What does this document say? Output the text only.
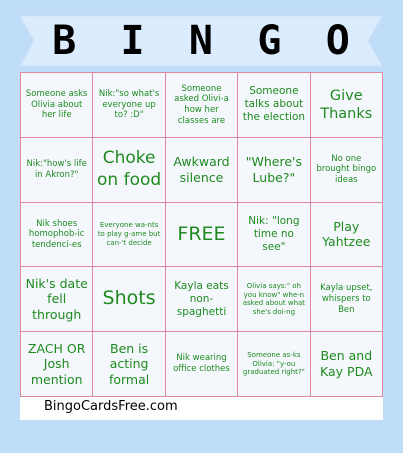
B I N G O
Someone asks Olivia about her life
Nik:"so what's everyone up to? :D"
Someone asked Olivi-a how her classes are
Someone talks about the election
Give Thanks
Nik:"how's life in Akron?"
Choke on food
Awkward silence
"Where's Lube?"
No one brought bingo ideas
Nik shoes homophob-ic tendenci-es
Everyone wa-nts to play g-ame but can-'t decide	FREE
Nik: "long time no see"
Play Yahtzee
Nik's date fell through
Shots
Kayla eats non-spaghetti
Olivia says:" oh you know" whe-n asked about what she's doi-ng
Kayla upset, whispers to Ben
ZACH OR Josh mention
Ben is acting formal
Nik wearing office clothes
Someone as-ks Olivia: "y-ou graduated right?"
Ben and Kay PDA
BingoCardsFree.com
